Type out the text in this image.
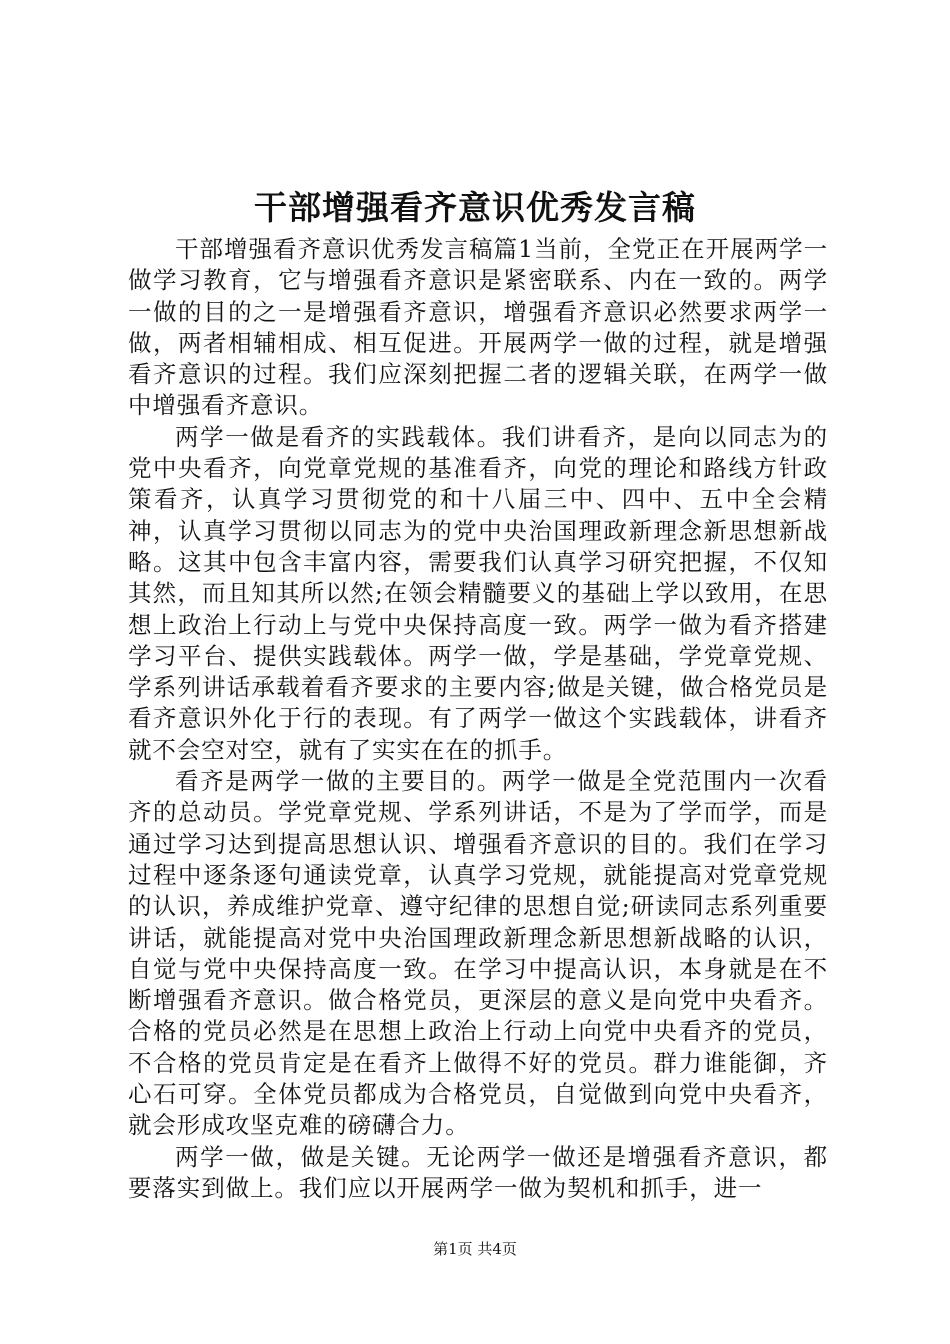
干部增强看齐意识优秀发言稿

干部增强看齐意识优秀发言稿篇1当前，全党正在开展两学一做学习教育，它与增强看齐意识是紧密联系、内在一致的。两学一做的目的之一是增强看齐意识，增强看齐意识必然要求两学一做，两者相辅相成、相互促进。开展两学一做的过程，就是增强看齐意识的过程。我们应深刻把握二者的逻辑关联，在两学一做中增强看齐意识。

两学一做是看齐的实践载体。我们讲看齐，是向以同志为的党中央看齐，向党章党规的基准看齐，向党的理论和路线方针政策看齐，认真学习贯彻党的和十八届三中、四中、五中全会精神，认真学习贯彻以同志为的党中央治国理政新理念新思想新战略。这其中包含丰富内容，需要我们认真学习研究把握，不仅知其然，而且知其所以然;在领会精髓要义的基础上学以致用，在思想上政治上行动上与党中央保持高度一致。两学一做为看齐搭建学习平台、提供实践载体。两学一做，学是基础，学党章党规、学系列讲话承载着看齐要求的主要内容;做是关键，做合格党员是看齐意识外化于行的表现。有了两学一做这个实践载体，讲看齐就不会空对空，就有了实实在在的抓手。

看齐是两学一做的主要目的。两学一做是全党范围内一次看齐的总动员。学党章党规、学系列讲话，不是为了学而学，而是通过学习达到提高思想认识、增强看齐意识的目的。我们在学习过程中逐条逐句通读党章，认真学习党规，就能提高对党章党规的认识，养成维护党章、遵守纪律的思想自觉;研读同志系列重要讲话，就能提高对党中央治国理政新理念新思想新战略的认识，自觉与党中央保持高度一致。在学习中提高认识，本身就是在不断增强看齐意识。做合格党员，更深层的意义是向党中央看齐。合格的党员必然是在思想上政治上行动上向党中央看齐的党员，不合格的党员肯定是在看齐上做得不好的党员。群力谁能御，齐心石可穿。全体党员都成为合格党员，自觉做到向党中央看齐，就会形成攻坚克难的磅礴合力。

两学一做，做是关键。无论两学一做还是增强看齐意识，都要落实到做上。我们应以开展两学一做为契机和抓手，进一

第1页 共4页
